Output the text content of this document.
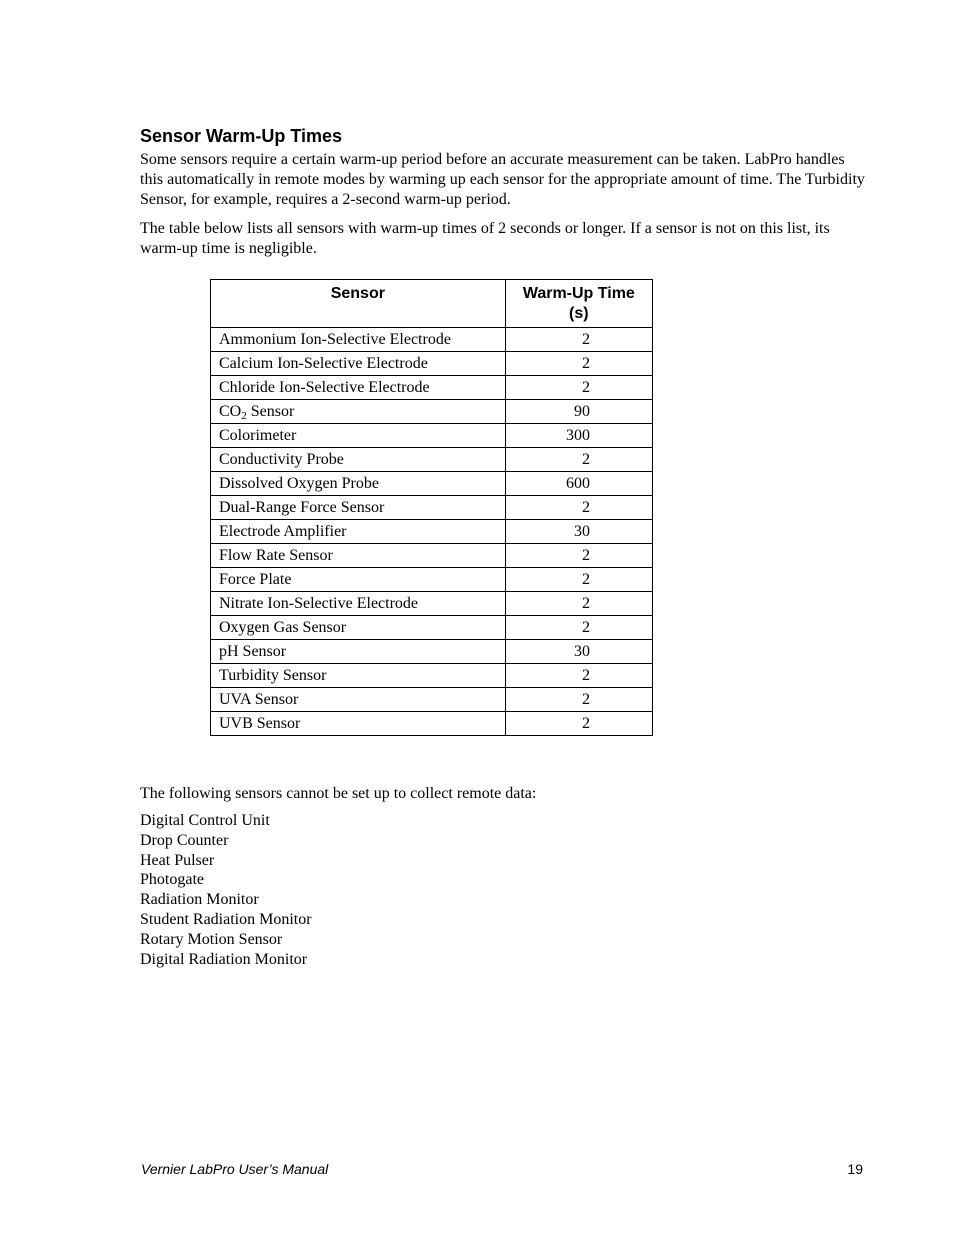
Sensor Warm-Up Times

Some sensors require a certain warm-up period before an accurate measurement can be taken. LabPro handles this automatically in remote modes by warming up each sensor for the appropriate amount of time. The Turbidity Sensor, for example, requires a 2-second warm-up period.

The table below lists all sensors with warm-up times of 2 seconds or longer. If a sensor is not on this list, its warm-up time is negligible.

Sensor	Warm-Up Time (s)
Ammonium Ion-Selective Electrode	2
Calcium Ion-Selective Electrode	2
Chloride Ion-Selective Electrode	2
$CO_2$ Sensor	90
Colorimeter	300
Conductivity Probe	2
Dissolved Oxygen Probe	600
Dual-Range Force Sensor	2
Electrode Amplifier	30
Flow Rate Sensor	2
Force Plate	2
Nitrate Ion-Selective Electrode	2
Oxygen Gas Sensor	2
pH Sensor	30
Turbidity Sensor	2
UVA Sensor	2
UVB Sensor	2

The following sensors cannot be set up to collect remote data:

Digital Control Unit
Drop Counter
Heat Pulser
Photogate
Radiation Monitor
Student Radiation Monitor
Rotary Motion Sensor
Digital Radiation Monitor

Vernier LabPro User’s Manual	19
